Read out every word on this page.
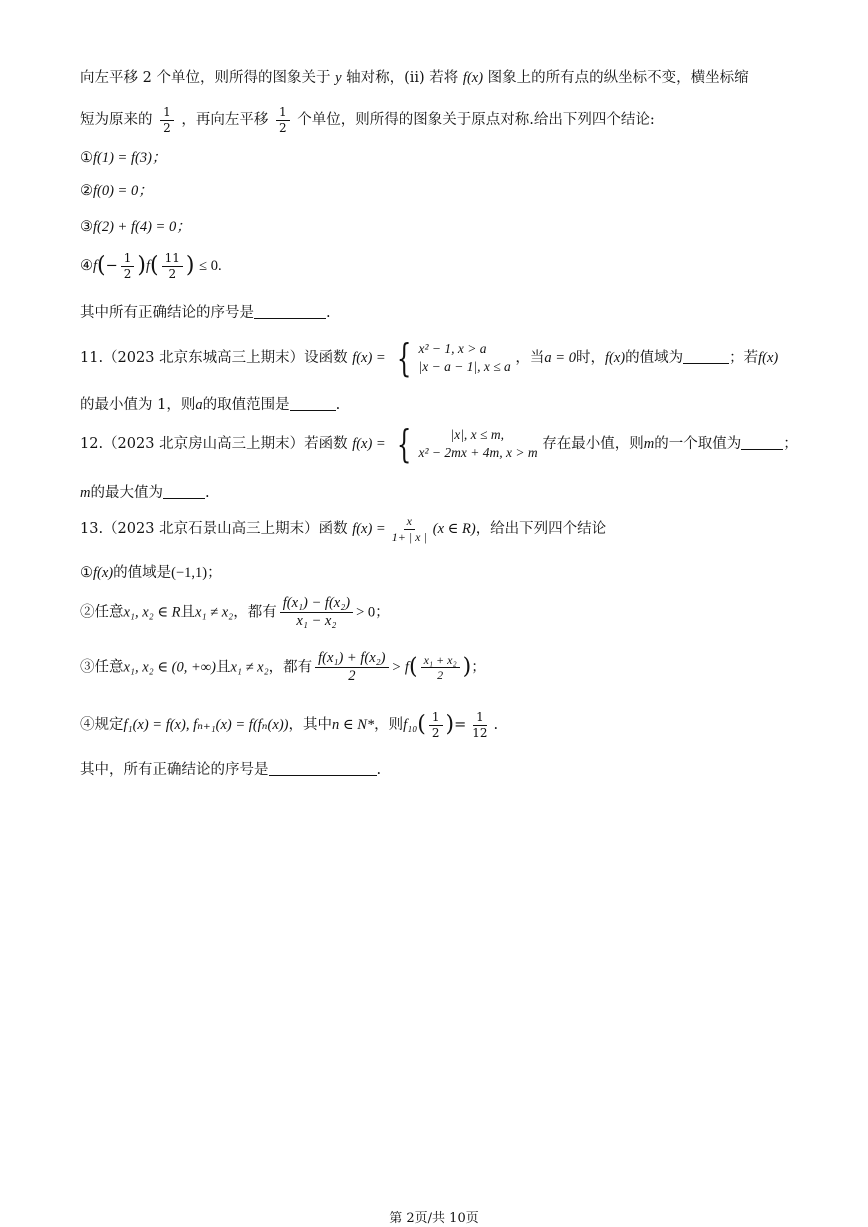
向左平移 2 个单位，则所得的图象关于 y 轴对称，(ii) 若将 f(x) 图象上的所有点的纵坐标不变，横坐标缩
短为原来的 $\frac{1}{2}$ ，再向左平移 $\frac{1}{2}$ 个单位，则所得的图象关于原点对称.给出下列四个结论:
①f(1) = f(3)；
②f(0) = 0；
③f(2) + f(4) = 0；
④f(− $\frac{1}{2} )f( \frac{11}{2}$ ) ≤ 0.
其中所有正确结论的序号是	.
11.（2023 北京东城高三上期末）设函数 f(x) = { x² − 1, x > a
|x − a − 1|, x ≤ a
，当a = 0时，f(x)的值域为	；若f(x)
的最小值为 1，则a的取值范围是	.
12.（2023 北京房山高三上期末）若函数 f(x) = {	|x|, x ≤ m,
x² − 2mx + 4m, x > m
存在最小值，则m的一个取值为	；
m的最大值为	.
13.（2023 北京石景山高三上期末）函数 $f(x) = \frac{x}{1+ | x |} (x$ ∈ R)，给出下列四个结论
①f(x)的值域是(−1,1)；
②任意x₁, x₂ ∈ R且x₁ ≠ x₂，都有 $\frac{\text{f(x₁) − f(x₂)}}{\text{x₁ − x₂}} > 0$；
③任意x₁, x₂ ∈ (0, +∞)且x₁ ≠ x₂，都有 $\frac{\text{f(x₁) + f(x₂)}}{2} > f( \frac{\text{x₁ + x₂}}{2}$ )；
④规定f₁(x) = f(x), fₙ₊₁(x) = f(fₙ(x))，其中n ∈ N*，则$f_{10}( \frac{1}{2}$ )= $\frac{1}{12}$ .
其中，所有正确结论的序号是	.
第 2页/共 10页
